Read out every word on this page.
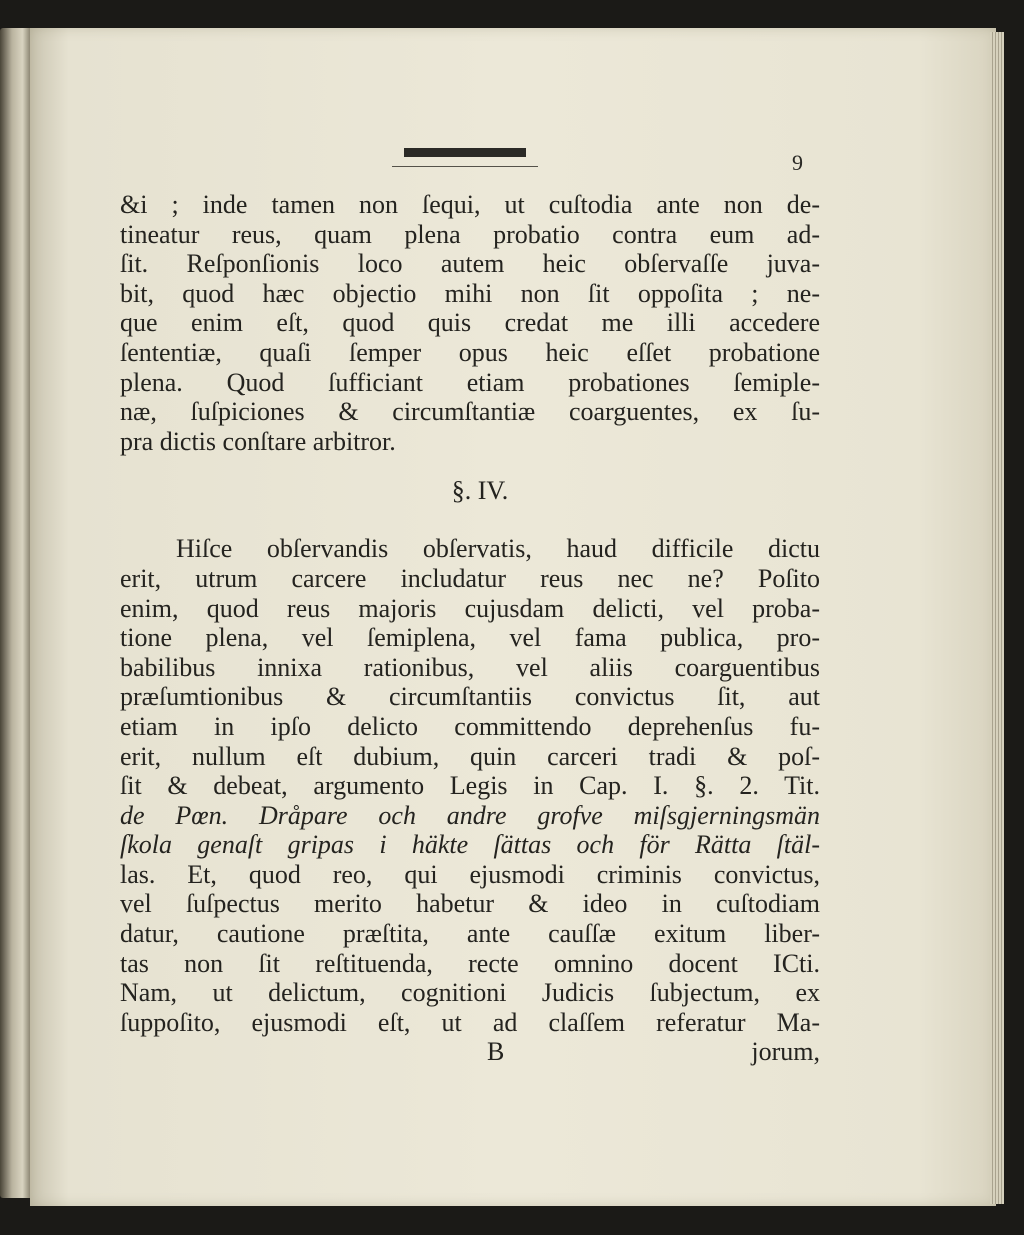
9
&i ; inde tamen non ſequi, ut cuſtodia ante non de-
tineatur reus, quam plena probatio contra eum ad-
ſit. Reſponſionis loco autem heic obſervaſſe juva-
bit, quod hæc objectio mihi non ſit oppoſita ; ne-
que enim eſt, quod quis credat me illi accedere
ſententiæ, quaſi ſemper opus heic eſſet probatione
plena. Quod ſufficiant etiam probationes ſemiple-
næ, ſuſpiciones & circumſtantiæ coarguentes, ex ſu-
pra dictis conſtare arbitror.
§. IV.
Hiſce obſervandis obſervatis, haud difficile dictu
erit, utrum carcere includatur reus nec ne? Poſito
enim, quod reus majoris cujusdam delicti, vel proba-
tione plena, vel ſemiplena, vel fama publica, pro-
babilibus innixa rationibus, vel aliis coarguentibus
præſumtionibus & circumſtantiis convictus ſit, aut
etiam in ipſo delicto committendo deprehenſus fu-
erit, nullum eſt dubium, quin carceri tradi & poſ-
ſit & debeat, argumento Legis in Cap. I. §. 2. Tit.
de Pœn. Dråpare och andre grofve miſsgjerningsmän
ſkola genaſt gripas i häkte ſättas och för Rätta ſtäl-
las. Et, quod reo, qui ejusmodi criminis convictus,
vel ſuſpectus merito habetur & ideo in cuſtodiam
datur, cautione præſtita, ante cauſſæ exitum liber-
tas non ſit reſtituenda, recte omnino docent ICti.
Nam, ut delictum, cognitioni Judicis ſubjectum, ex
ſuppoſito, ejusmodi eſt, ut ad claſſem referatur Ma-
B	jorum,
